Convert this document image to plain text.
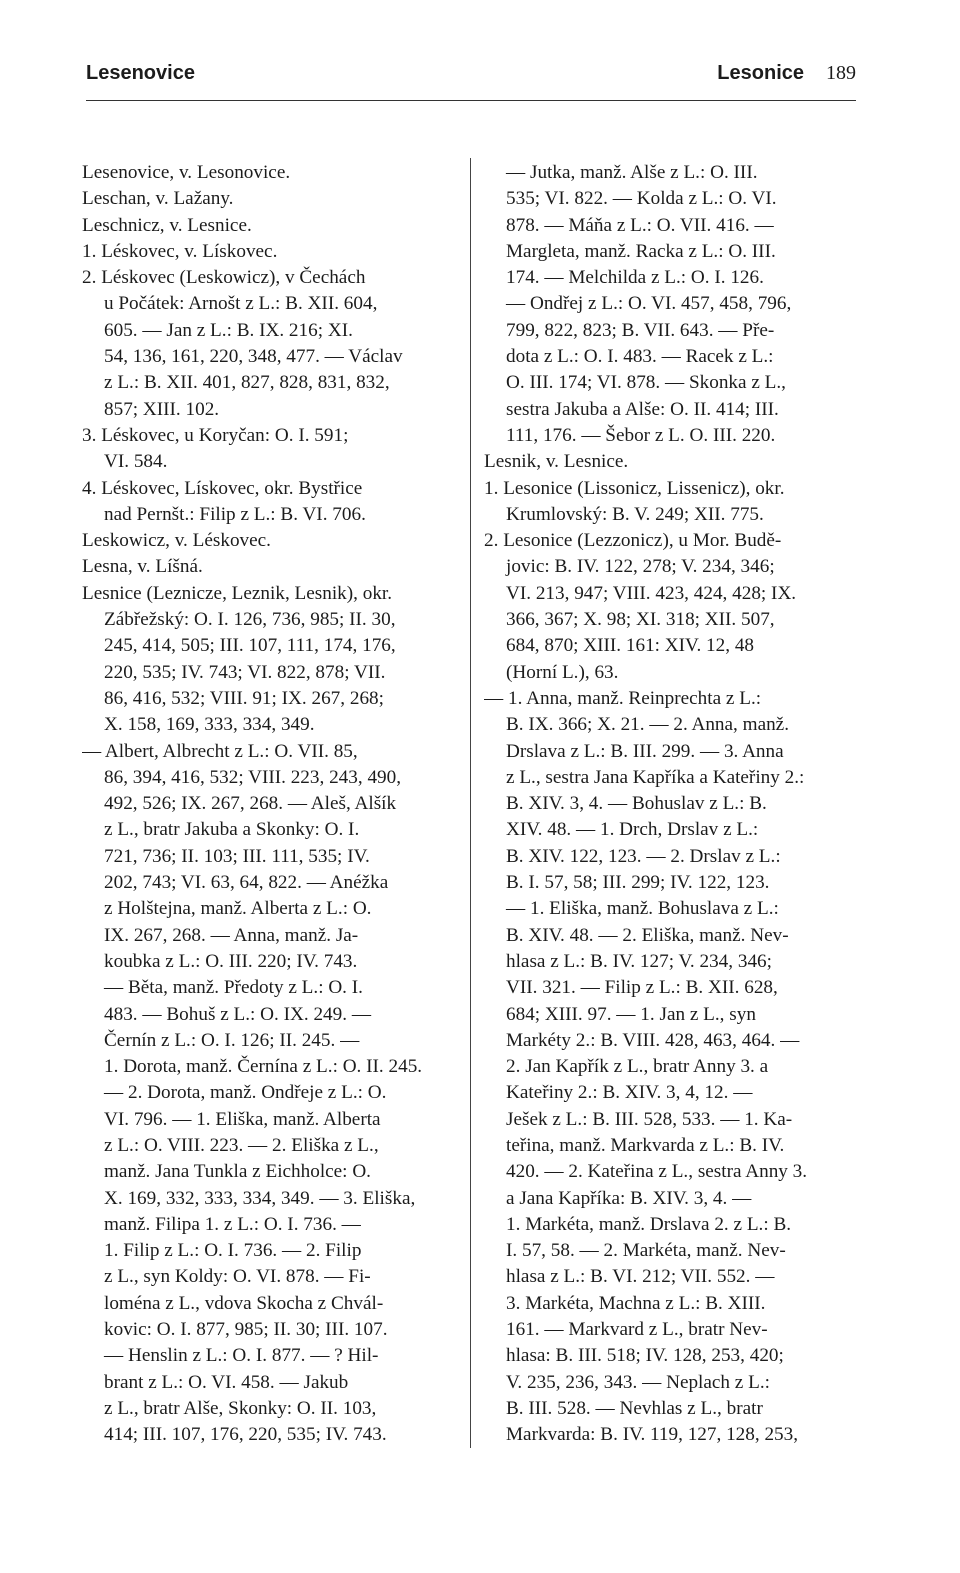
Lesenovice	Lesonice 189
Lesenovice, v. Lesonovice.
Leschan, v. Lažany.
Leschnicz, v. Lesnice.
1. Léskovec, v. Lískovec.
2. Léskovec (Leskowicz), v Čechách
u Počátek: Arnošt z L.: B. XII. 604,
605. — Jan z L.: B. IX. 216; XI.
54, 136, 161, 220, 348, 477. — Václav
z L.: B. XII. 401, 827, 828, 831, 832,
857; XIII. 102.
3. Léskovec, u Koryčan: O. I. 591;
VI. 584.
4. Léskovec, Lískovec, okr. Bystřice
nad Pernšt.: Filip z L.: B. VI. 706.
Leskowicz, v. Léskovec.
Lesna, v. Líšná.
Lesnice (Leznicze, Leznik, Lesnik), okr.
Zábřežský: O. I. 126, 736, 985; II. 30,
245, 414, 505; III. 107, 111, 174, 176,
220, 535; IV. 743; VI. 822, 878; VII.
86, 416, 532; VIII. 91; IX. 267, 268;
X. 158, 169, 333, 334, 349.
— Albert, Albrecht z L.: O. VII. 85,
86, 394, 416, 532; VIII. 223, 243, 490,
492, 526; IX. 267, 268. — Aleš, Alšík
z L., bratr Jakuba a Skonky: O. I.
721, 736; II. 103; III. 111, 535; IV.
202, 743; VI. 63, 64, 822. — Anéžka
z Holštejna, manž. Alberta z L.: O.
IX. 267, 268. — Anna, manž. Ja-
koubka z L.: O. III. 220; IV. 743.
— Běta, manž. Předoty z L.: O. I.
483. — Bohuš z L.: O. IX. 249. —
Černín z L.: O. I. 126; II. 245. —
1. Dorota, manž. Černína z L.: O. II. 245.
— 2. Dorota, manž. Ondřeje z L.: O.
VI. 796. — 1. Eliška, manž. Alberta
z L.: O. VIII. 223. — 2. Eliška z L.,
manž. Jana Tunkla z Eichholce: O.
X. 169, 332, 333, 334, 349. — 3. Eliška,
manž. Filipa 1. z L.: O. I. 736. —
1. Filip z L.: O. I. 736. — 2. Filip
z L., syn Koldy: O. VI. 878. — Fi-
loména z L., vdova Skocha z Chvál-
kovic: O. I. 877, 985; II. 30; III. 107.
— Henslin z L.: O. I. 877. — ? Hil-
brant z L.: O. VI. 458. — Jakub
z L., bratr Alše, Skonky: O. II. 103,
414; III. 107, 176, 220, 535; IV. 743.
— Jutka, manž. Alše z L.: O. III.
535; VI. 822. — Kolda z L.: O. VI.
878. — Máňa z L.: O. VII. 416. —
Margleta, manž. Racka z L.: O. III.
174. — Melchilda z L.: O. I. 126.
— Ondřej z L.: O. VI. 457, 458, 796,
799, 822, 823; B. VII. 643. — Pře-
dota z L.: O. I. 483. — Racek z L.:
O. III. 174; VI. 878. — Skonka z L.,
sestra Jakuba a Alše: O. II. 414; III.
111, 176. — Šebor z L. O. III. 220.
Lesnik, v. Lesnice.
1. Lesonice (Lissonicz, Lissenicz), okr.
Krumlovský: B. V. 249; XII. 775.
2. Lesonice (Lezzonicz), u Mor. Budě-
jovic: B. IV. 122, 278; V. 234, 346;
VI. 213, 947; VIII. 423, 424, 428; IX.
366, 367; X. 98; XI. 318; XII. 507,
684, 870; XIII. 161: XIV. 12, 48
(Horní L.), 63.
— 1. Anna, manž. Reinprechta z L.:
B. IX. 366; X. 21. — 2. Anna, manž.
Drslava z L.: B. III. 299. — 3. Anna
z L., sestra Jana Kapříka a Kateřiny 2.:
B. XIV. 3, 4. — Bohuslav z L.: B.
XIV. 48. — 1. Drch, Drslav z L.:
B. XIV. 122, 123. — 2. Drslav z L.:
B. I. 57, 58; III. 299; IV. 122, 123.
— 1. Eliška, manž. Bohuslava z L.:
B. XIV. 48. — 2. Eliška, manž. Nev-
hlasa z L.: B. IV. 127; V. 234, 346;
VII. 321. — Filip z L.: B. XII. 628,
684; XIII. 97. — 1. Jan z L., syn
Markéty 2.: B. VIII. 428, 463, 464. —
2. Jan Kapřík z L., bratr Anny 3. a
Kateřiny 2.: B. XIV. 3, 4, 12. —
Ješek z L.: B. III. 528, 533. — 1. Ka-
teřina, manž. Markvarda z L.: B. IV.
420. — 2. Kateřina z L., sestra Anny 3.
a Jana Kapříka: B. XIV. 3, 4. —
1. Markéta, manž. Drslava 2. z L.: B.
I. 57, 58. — 2. Markéta, manž. Nev-
hlasa z L.: B. VI. 212; VII. 552. —
3. Markéta, Machna z L.: B. XIII.
161. — Markvard z L., bratr Nev-
hlasa: B. III. 518; IV. 128, 253, 420;
V. 235, 236, 343. — Neplach z L.:
B. III. 528. — Nevhlas z L., bratr
Markvarda: B. IV. 119, 127, 128, 253,
